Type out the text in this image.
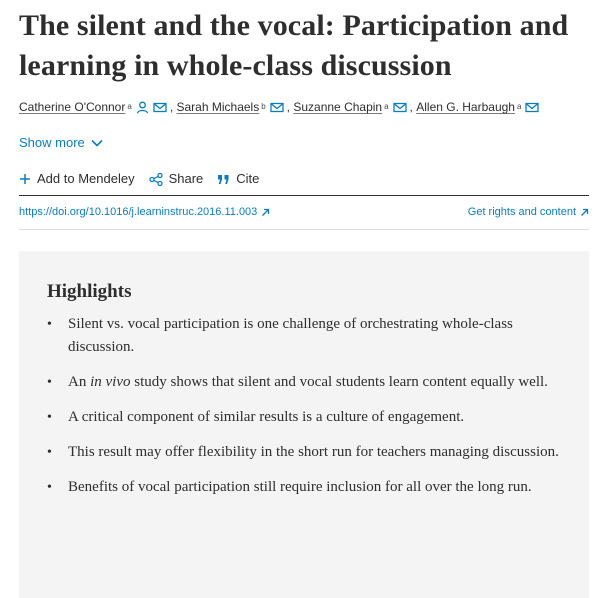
The silent and the vocal: Participation and learning in whole-class discussion
Catherine O'Connor a	,
Sarah Michaels b ,
Suzanne Chapin a ,
Allen G. Harbaugh a
Show more
Add to Mendeley	Share	Cite
https://doi.org/10.1016/j.learninstruc.2016.11.003	Get rights and content
Highlights
• Silent vs. vocal participation is one challenge of orchestrating whole-class discussion.
• An in vivo study shows that silent and vocal students learn content equally well.
• A critical component of similar results is a culture of engagement.
• This result may offer flexibility in the short run for teachers managing discussion.
• Benefits of vocal participation still require inclusion for all over the long run.
